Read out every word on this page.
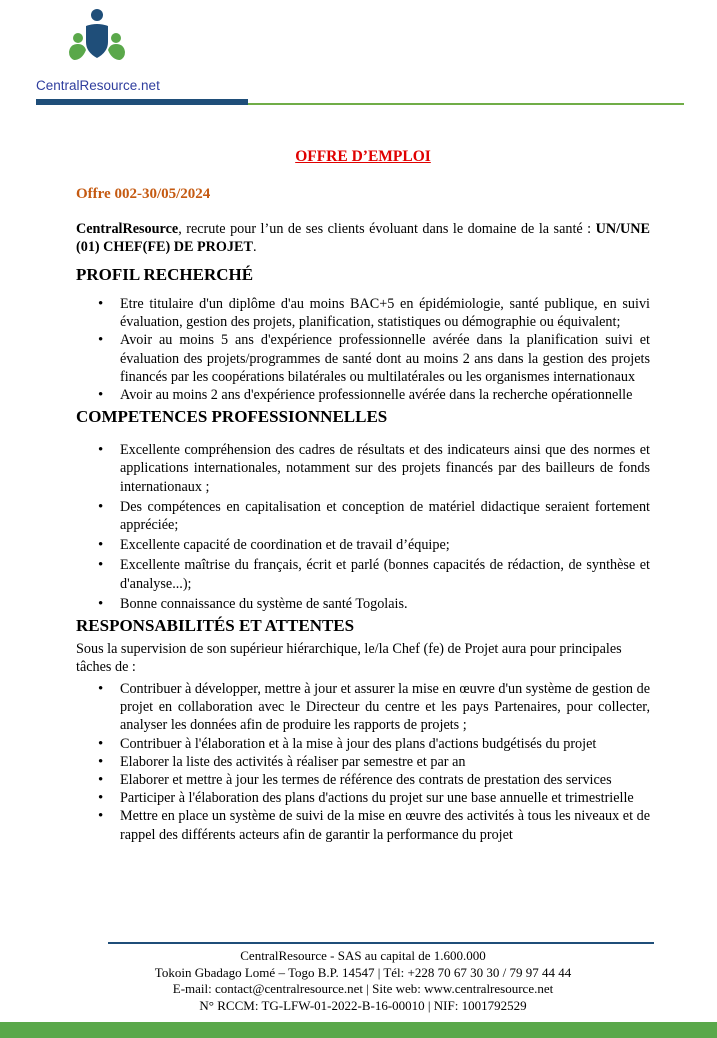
CentralResource.net
OFFRE D’EMPLOI
Offre 002-30/05/2024

CentralResource, recrute pour l’un de ses clients évoluant dans le domaine de la santé : UN/UNE (01) CHEF(FE) DE PROJET.

PROFIL RECHERCHÉ
• Etre titulaire d'un diplôme d'au moins BAC+5 en épidémiologie, santé publique, en suivi évaluation, gestion des projets, planification, statistiques ou démographie ou équivalent;
• Avoir au moins 5 ans d'expérience professionnelle avérée dans la planification suivi et évaluation des projets/programmes de santé dont au moins 2 ans dans la gestion des projets financés par les coopérations bilatérales ou multilatérales ou les organismes internationaux
• Avoir au moins 2 ans d'expérience professionnelle avérée dans la recherche opérationnelle
COMPETENCES PROFESSIONNELLES
• Excellente compréhension des cadres de résultats et des indicateurs ainsi que des normes et applications internationales, notamment sur des projets financés par des bailleurs de fonds internationaux ;
• Des compétences en capitalisation et conception de matériel didactique seraient fortement appréciée;
• Excellente capacité de coordination et de travail d’équipe;
• Excellente maîtrise du français, écrit et parlé (bonnes capacités de rédaction, de synthèse et d'analyse...);
• Bonne connaissance du système de santé Togolais.
RESPONSABILITÉS ET ATTENTES

Sous la supervision de son supérieur hiérarchique, le/la Chef (fe) de Projet aura pour principales tâches de :

• Contribuer à développer, mettre à jour et assurer la mise en œuvre d'un système de gestion de projet en collaboration avec le Directeur du centre et les pays Partenaires, pour collecter, analyser les données afin de produire les rapports de projets ;
• Contribuer à l'élaboration et à la mise à jour des plans d'actions budgétisés du projet
• Elaborer la liste des activités à réaliser par semestre et par an
• Elaborer et mettre à jour les termes de référence des contrats de prestation des services
• Participer à l'élaboration des plans d'actions du projet sur une base annuelle et trimestrielle
• Mettre en place un système de suivi de la mise en œuvre des activités à tous les niveaux et de rappel des différents acteurs afin de garantir la performance du projet
CentralResource - SAS au capital de 1.600.000
Tokoin Gbadago Lomé – Togo B.P. 14547 | Tél: +228 70 67 30 30 / 79 97 44 44
E-mail: contact@centralresource.net | Site web: www.centralresource.net
N° RCCM: TG-LFW-01-2022-B-16-00010 | NIF: 1001792529
